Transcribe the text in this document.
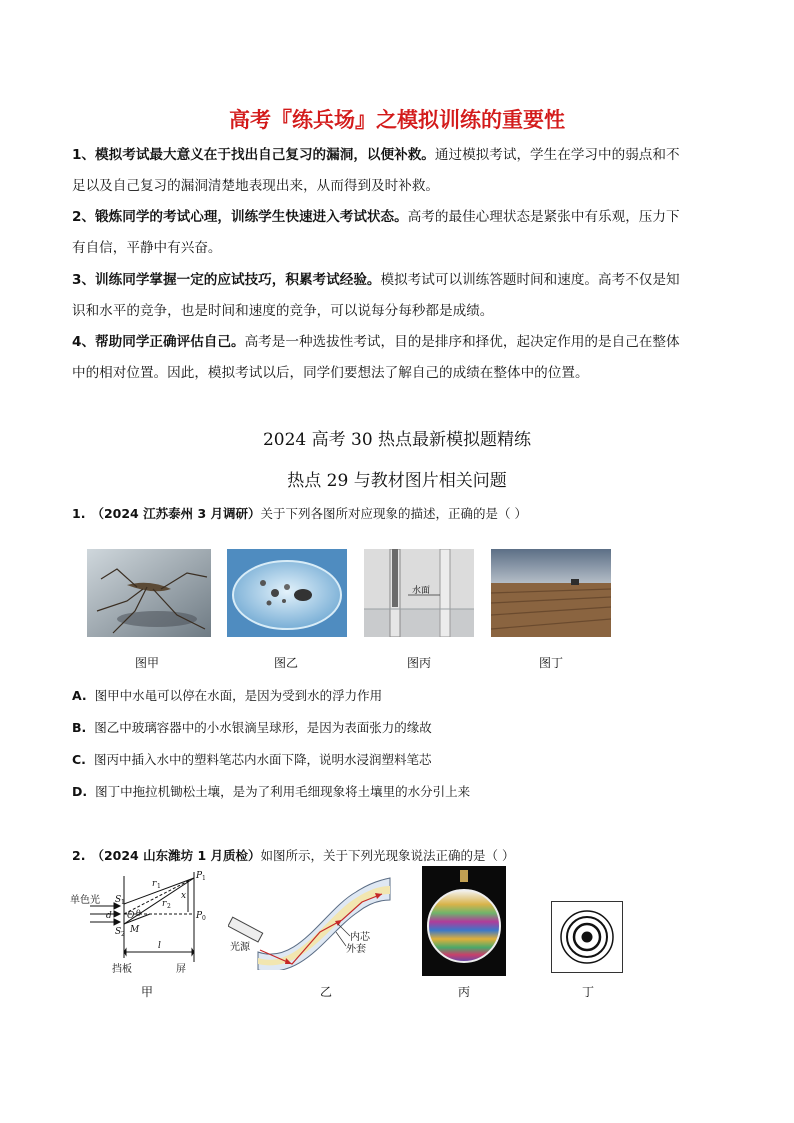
高考『练兵场』之模拟训练的重要性
1、模拟考试最大意义在于找出自己复习的漏洞，以便补救。通过模拟考试，学生在学习中的弱点和不
足以及自己复习的漏洞清楚地表现出来，从而得到及时补救。
2、锻炼同学的考试心理，训练学生快速进入考试状态。高考的最佳心理状态是紧张中有乐观，压力下
有自信，平静中有兴奋。
3、训练同学掌握一定的应试技巧，积累考试经验。模拟考试可以训练答题时间和速度。高考不仅是知
识和水平的竞争，也是时间和速度的竞争，可以说每分每秒都是成绩。
4、帮助同学正确评估自己。高考是一种选拔性考试，目的是排序和择优，起决定作用的是自己在整体
中的相对位置。因此，模拟考试以后，同学们要想法了解自己的成绩在整体中的位置。
2024 高考 30 热点最新模拟题精练
热点 29 与教材图片相关问题
1. （2024 江苏泰州 3 月调研）关于下列各图所对应现象的描述，正确的是（ ）
水面
图甲	图乙	图丙	图丁
A. 图甲中水黾可以停在水面，是因为受到水的浮力作用
B. 图乙中玻璃容器中的小水银滴呈球形，是因为表面张力的缘故
C. 图丙中插入水中的塑料笔芯内水面下降，说明水浸润塑料笔芯
D. 图丁中拖拉机锄松土壤，是为了利用毛细现象将土壤里的水分引上来
2. （2024 山东潍坊 1 月质检）如图所示，关于下列光现象说法正确的是（ ）
单色光 S 1
S 2
d O θ
M
r 1
r 2
P 1
P 0
x
l
挡板	屏
内芯
外套
光源
甲	乙	丙	丁
